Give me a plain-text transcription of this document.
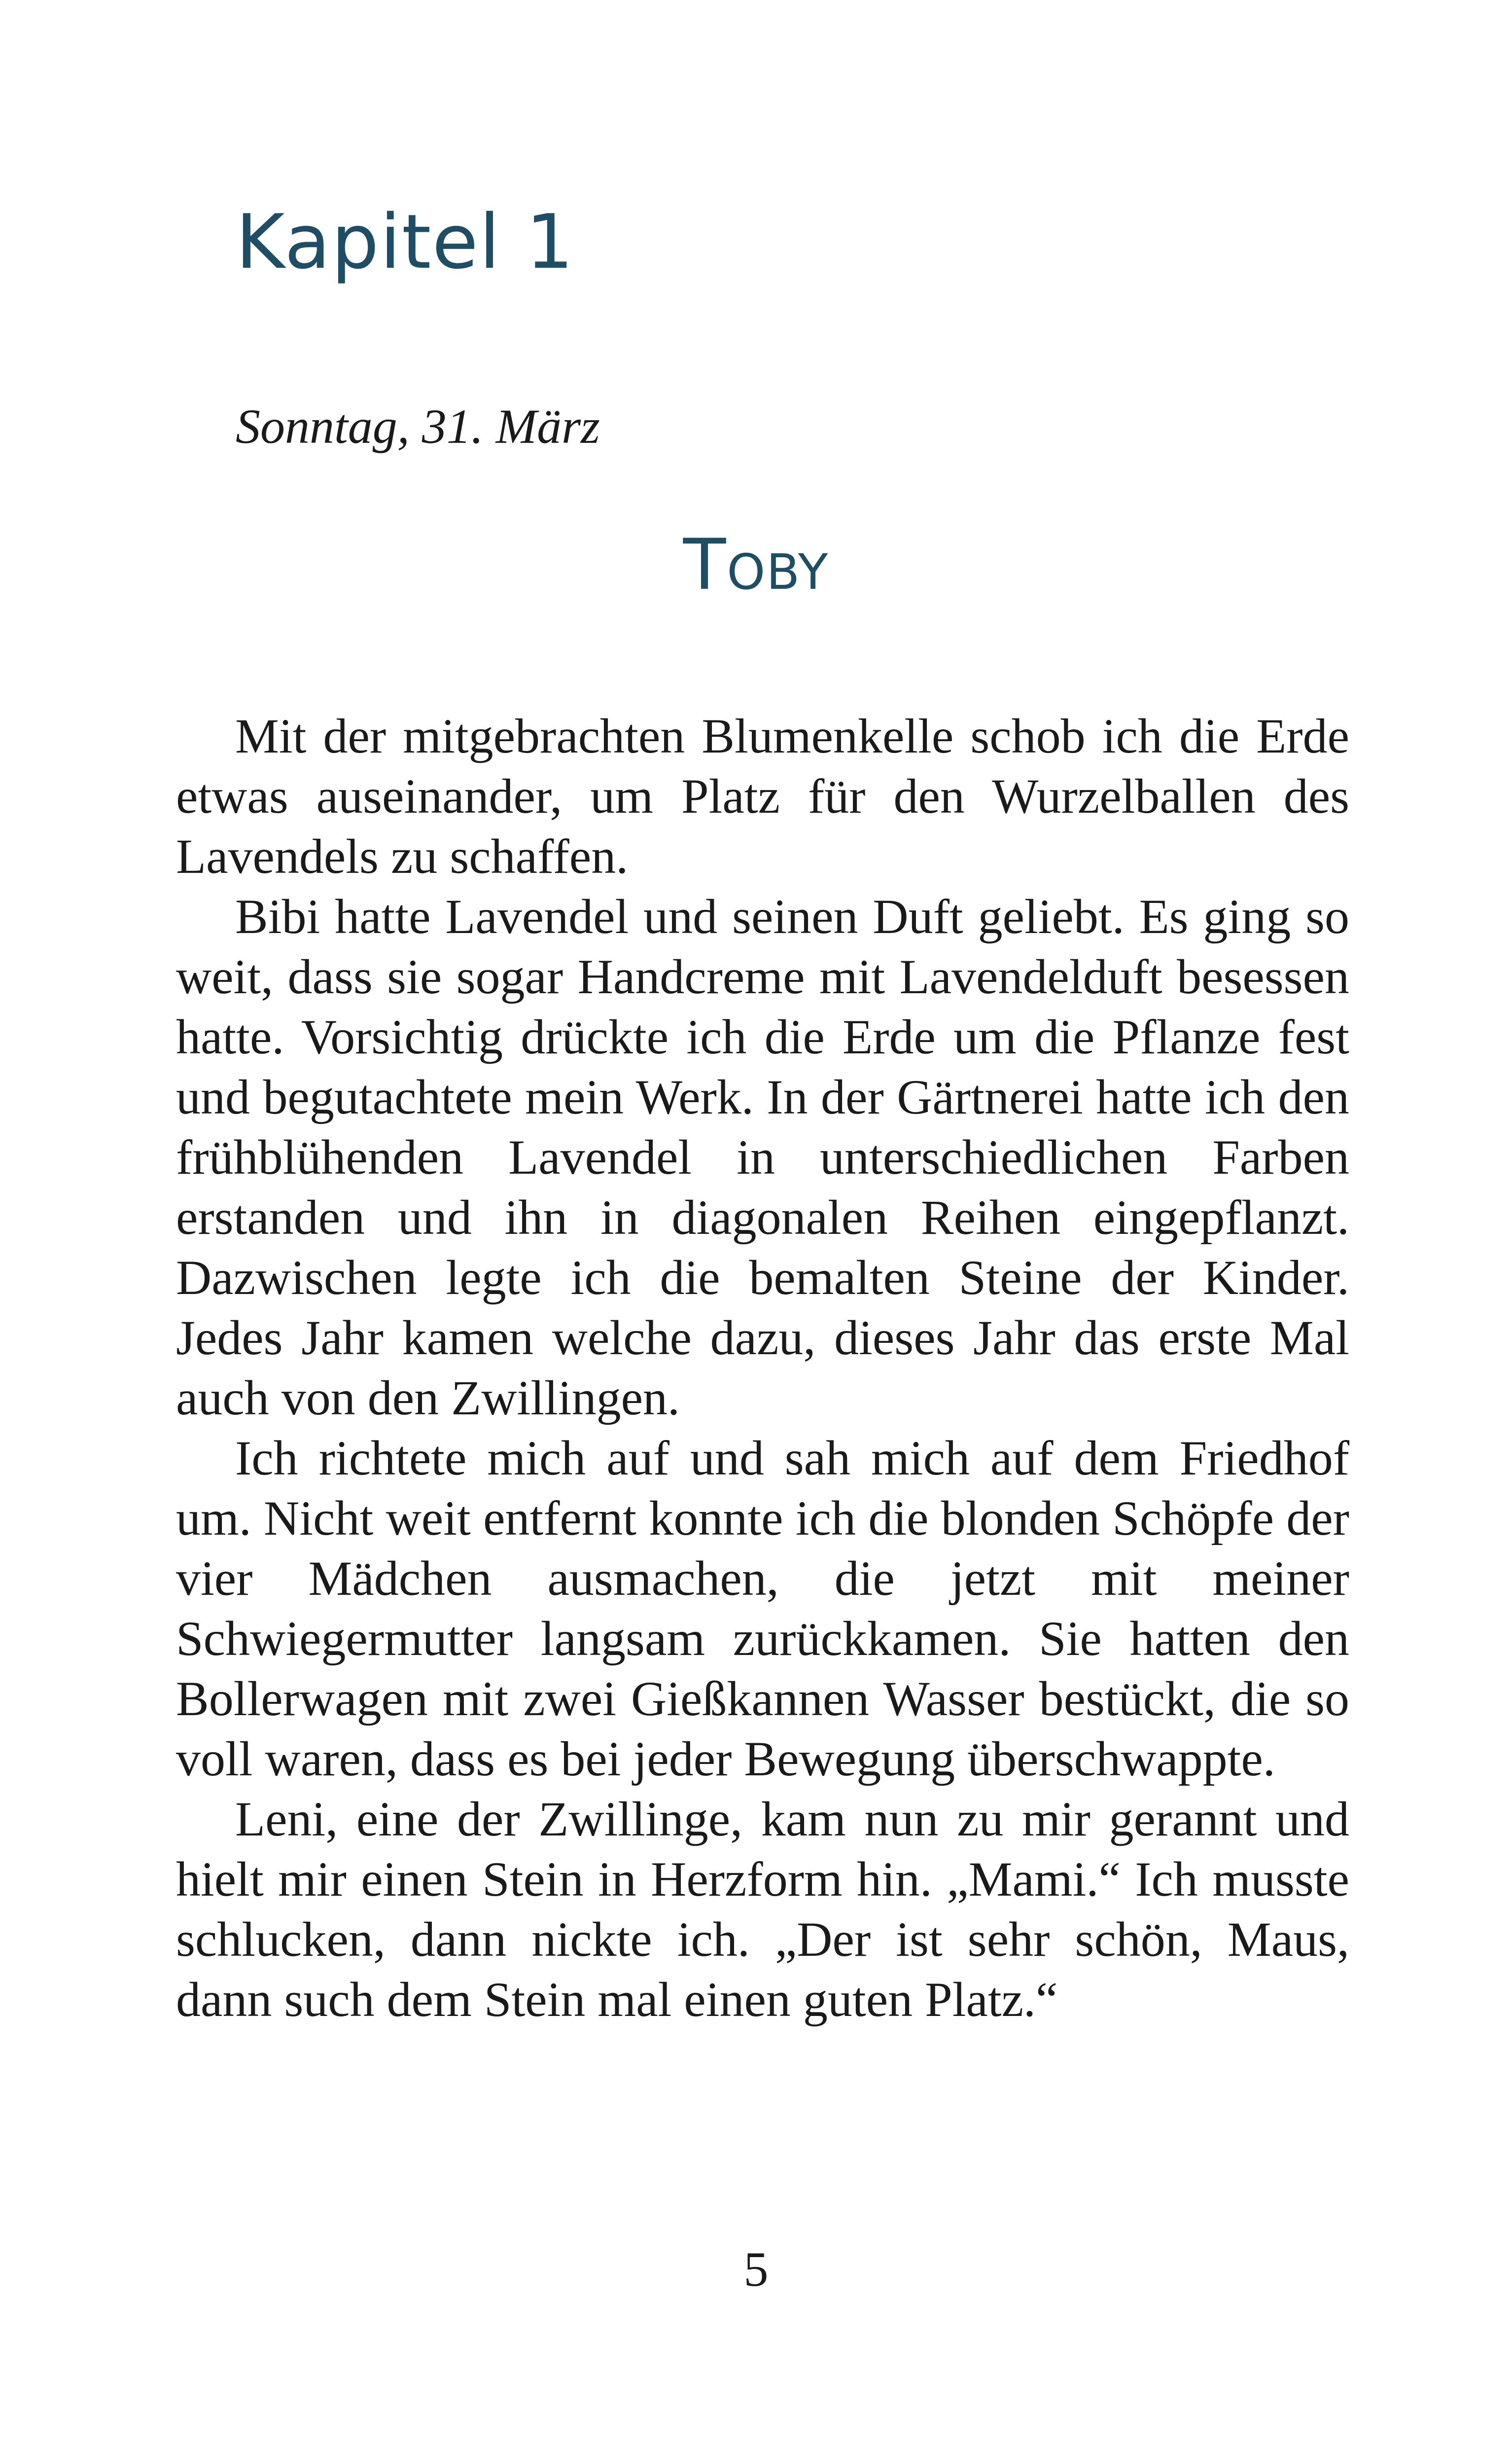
Kapitel 1

Sonntag, 31. März

Toby

Mit der mitgebrachten Blumenkelle schob ich die Erde etwas auseinander, um Platz für den Wurzelballen des Lavendels zu schaffen.

Bibi hatte Lavendel und seinen Duft geliebt. Es ging so weit, dass sie sogar Handcreme mit Lavendelduft besessen hatte. Vorsichtig drückte ich die Erde um die Pflanze fest und begutachtete mein Werk. In der Gärtnerei hatte ich den frühblühenden Lavendel in unterschiedlichen Farben erstanden und ihn in diagonalen Reihen eingepflanzt. Dazwischen legte ich die bemalten Steine der Kinder. Jedes Jahr kamen welche dazu, dieses Jahr das erste Mal auch von den Zwillingen.

Ich richtete mich auf und sah mich auf dem Friedhof um. Nicht weit entfernt konnte ich die blonden Schöpfe der vier Mädchen ausmachen, die jetzt mit meiner Schwiegermutter langsam zurückkamen. Sie hatten den Bollerwagen mit zwei Gießkannen Wasser bestückt, die so voll waren, dass es bei jeder Bewegung überschwappte.

Leni, eine der Zwillinge, kam nun zu mir gerannt und hielt mir einen Stein in Herzform hin. „Mami.“ Ich musste schlucken, dann nickte ich. „Der ist sehr schön, Maus, dann such dem Stein mal einen guten Platz.“

5
